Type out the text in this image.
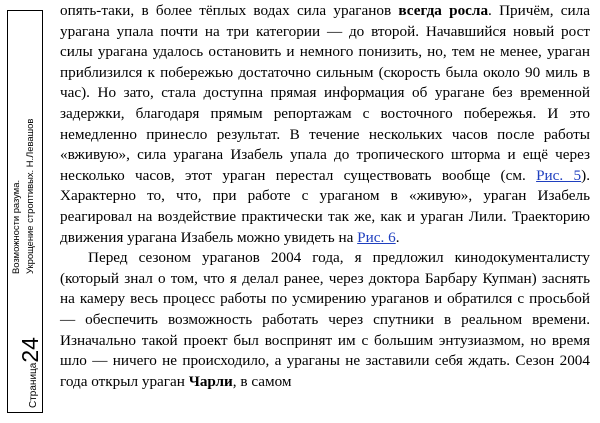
Страница
24
Возможности разума. Укрощение строптивых. Н.Левашов

опять-таки, в более тёплых водах сила ураганов всегда росла. Причём, сила урагана упала почти на три категории — до второй. Начавшийся новый рост силы урагана удалось остановить и немного понизить, но, тем не менее, ураган приблизился к побережью достаточно сильным (скорость была около 90 миль в час). Но зато, стала доступна прямая информация об урагане без временной задержки, благодаря прямым репортажам с восточного побережья. И это немедленно принесло результат. В течение нескольких часов после работы «вживую», сила урагана Изабель упала до тропического шторма и ещё через несколько часов, этот ураган перестал существовать вообще (см. Рис. 5). Характерно то, что, при работе с ураганом в «живую», ураган Изабель реагировал на воздействие практически так же, как и ураган Лили. Траекторию движения урагана Изабель можно увидеть на Рис. 6.

Перед сезоном ураганов 2004 года, я предложил кинодокументалисту (который знал о том, что я делал ранее, через доктора Барбару Купман) заснять на камеру весь процесс работы по усмирению ураганов и обратился с просьбой — обеспечить возможность работать через спутники в реальном времени. Изначально такой проект был воспринят им с большим энтузиазмом, но время шло — ничего не происходило, а ураганы не заставили себя ждать. Сезон 2004 года открыл ураган Чарли, в самом
